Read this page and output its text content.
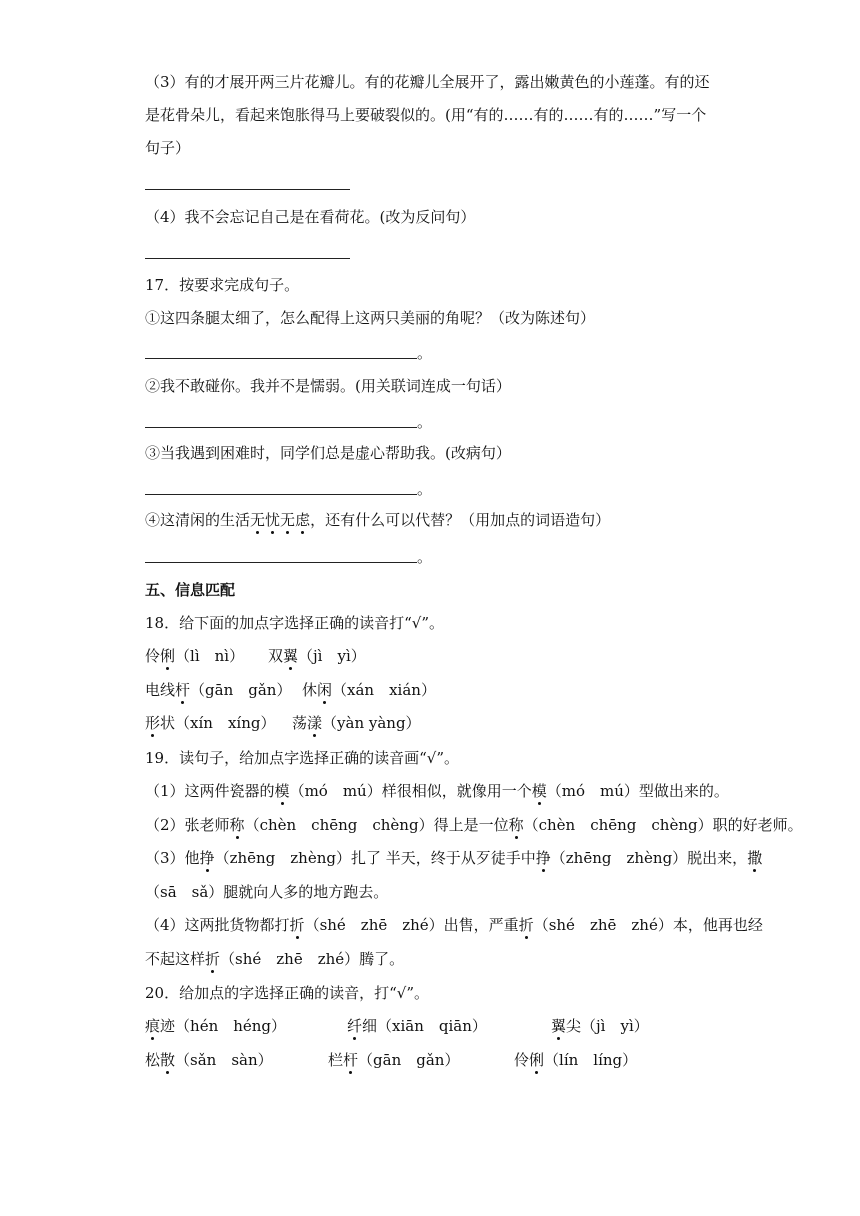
（3）有的才展开两三片花瓣儿。有的花瓣儿全展开了，露出嫩黄色的小莲蓬。有的还
是花骨朵儿，看起来饱胀得马上要破裂似的。(用“有的……有的……有的……”写一个
句子）
（4）我不会忘记自己是在看荷花。(改为反问句）
17．按要求完成句子。
①这四条腿太细了，怎么配得上这两只美丽的角呢？（改为陈述句）
。
②我不敢碰你。我并不是懦弱。(用关联词连成一句话）
。
③当我遇到困难时，同学们总是虚心帮助我。(改病句）
。
④这清闲的生活无忧无虑，还有什么可以代替？（用加点的词语造句）
。
五、信息匹配
18．给下面的加点字选择正确的读音打“√”。
伶俐（lì　nì） 双翼（jì　yì）
电线杆（gān　gǎn） 休闲（xán　xián）
形状（xín　xíng） 荡漾（yàn yàng）
19．读句子，给加点字选择正确的读音画“√”。
（1）这两件瓷器的模（mó　mú）样很相似，就像用一个模（mó　mú）型做出来的。
（2）张老师称（chèn　chēng　chèng）得上是一位称（chèn　chēng　chèng）职的好老师。
（3）他挣（zhēng　zhèng）扎了 半天，终于从歹徒手中挣（zhēng　zhèng）脱出来，撒
（sā　sǎ）腿就向人多的地方跑去。
（4）这两批货物都打折（shé　zhē　zhé）出售，严重折（shé　zhē　zhé）本，他再也经
不起这样折（shé　zhē　zhé）腾了。
20．给加点的字选择正确的读音，打“√”。
痕迹（hén　héng）	纤细（xiān　qiān）	翼尖（jì　yì）
松散（sǎn　sàn）	栏杆（gān　gǎn）	伶俐（lín　líng）
